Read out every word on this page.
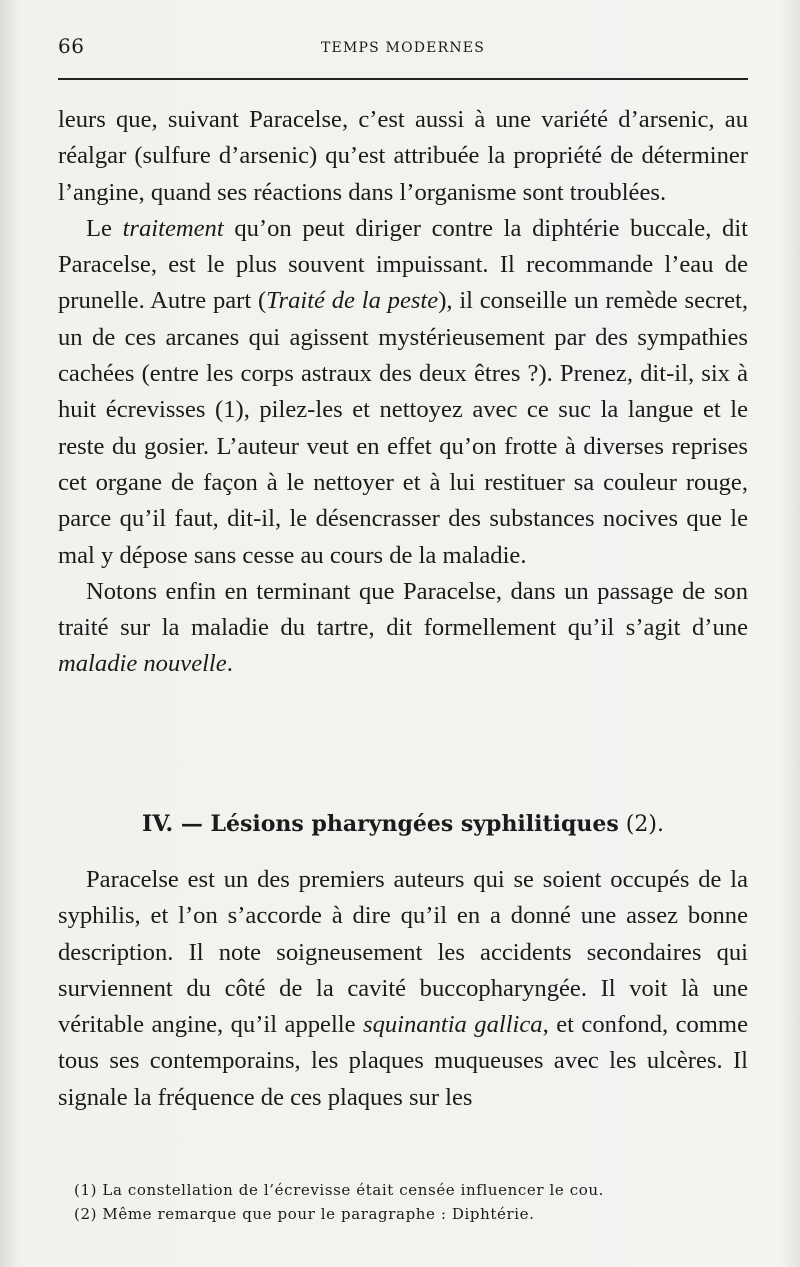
66	TEMPS MODERNES

leurs que, suivant Paracelse, c’est aussi à une variété d’arsenic, au réalgar (sulfure d’arsenic) qu’est attribuée la propriété de déterminer l’angine, quand ses réactions dans l’organisme sont troublées.

Le traitement qu’on peut diriger contre la diphtérie buccale, dit Paracelse, est le plus souvent impuissant. Il recommande l’eau de prunelle. Autre part (Traité de la peste), il conseille un remède secret, un de ces arcanes qui agissent mystérieusement par des sympathies cachées (entre les corps astraux des deux êtres ?). Prenez, dit-il, six à huit écrevisses (1), pilez-les et nettoyez avec ce suc la langue et le reste du gosier. L’auteur veut en effet qu’on frotte à diverses reprises cet organe de façon à le nettoyer et à lui restituer sa couleur rouge, parce qu’il faut, dit-il, le désencrasser des substances nocives que le mal y dépose sans cesse au cours de la maladie.

Notons enfin en terminant que Paracelse, dans un passage de son traité sur la maladie du tartre, dit formellement qu’il s’agit d’une maladie nouvelle.

IV. — Lésions pharyngées syphilitiques (2).

Paracelse est un des premiers auteurs qui se soient occupés de la syphilis, et l’on s’accorde à dire qu’il en a donné une assez bonne description. Il note soigneusement les accidents secondaires qui surviennent du côté de la cavité buccopharyngée. Il voit là une véritable angine, qu’il appelle squinantia gallica, et confond, comme tous ses contemporains, les plaques muqueuses avec les ulcères. Il signale la fréquence de ces plaques sur les

(1) La constellation de l’écrevisse était censée influencer le cou.
(2) Même remarque que pour le paragraphe : Diphtérie.
